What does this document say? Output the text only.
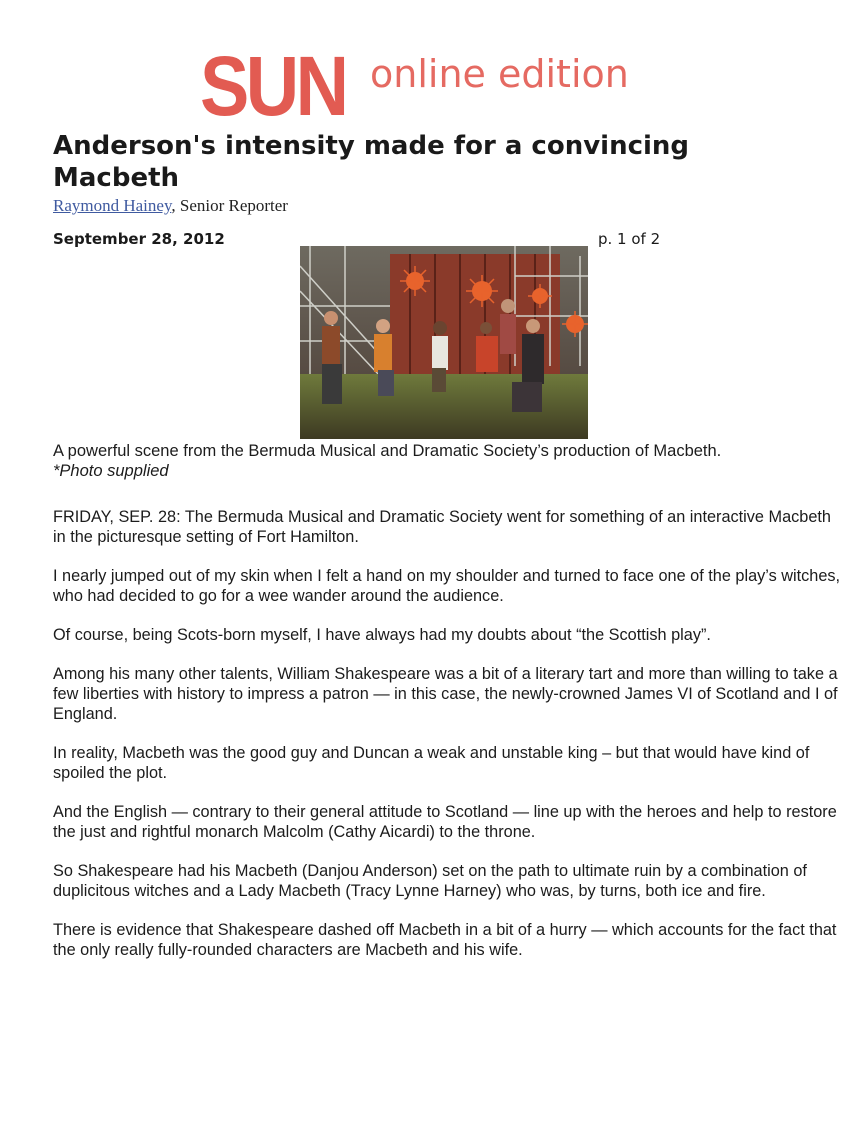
SUN online edition
Anderson's intensity made for a convincing Macbeth
Raymond Hainey, Senior Reporter
September 28, 2012	p. 1 of 2

A powerful scene from the Bermuda Musical and Dramatic Society’s production of Macbeth. *Photo supplied

FRIDAY, SEP. 28: The Bermuda Musical and Dramatic Society went for something of an interactive Macbeth in the picturesque setting of Fort Hamilton.

I nearly jumped out of my skin when I felt a hand on my shoulder and turned to face one of the play’s witches, who had decided to go for a wee wander around the audience.

Of course, being Scots-born myself, I have always had my doubts about “the Scottish play”.

Among his many other talents, William Shakespeare was a bit of a literary tart and more than willing to take a few liberties with history to impress a patron — in this case, the newly-crowned James VI of Scotland and I of England.

In reality, Macbeth was the good guy and Duncan a weak and unstable king – but that would have kind of spoiled the plot.

And the English — contrary to their general attitude to Scotland — line up with the heroes and help to restore the just and rightful monarch Malcolm (Cathy Aicardi) to the throne.

So Shakespeare had his Macbeth (Danjou Anderson) set on the path to ultimate ruin by a combination of duplicitous witches and a Lady Macbeth (Tracy Lynne Harney) who was, by turns, both ice and fire.

There is evidence that Shakespeare dashed off Macbeth in a bit of a hurry — which accounts for the fact that the only really fully-rounded characters are Macbeth and his wife.
